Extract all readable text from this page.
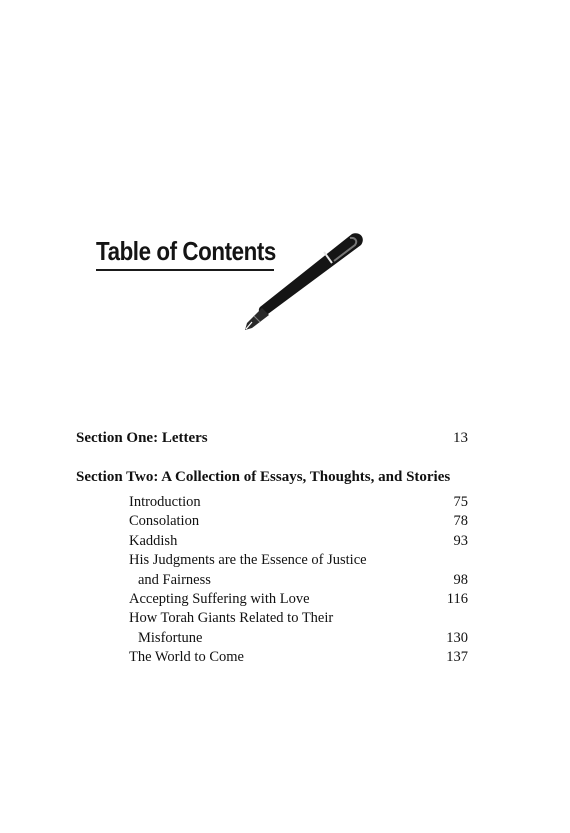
Table of Contents
Section One: Letters	13
Section Two: A Collection of Essays, Thoughts, and Stories
Introduction	75
Consolation	78
Kaddish	93
His Judgments are the Essence of Justice
and Fairness	98
Accepting Suffering with Love	116
How Torah Giants Related to Their
Misfortune	130
The World to Come	137
